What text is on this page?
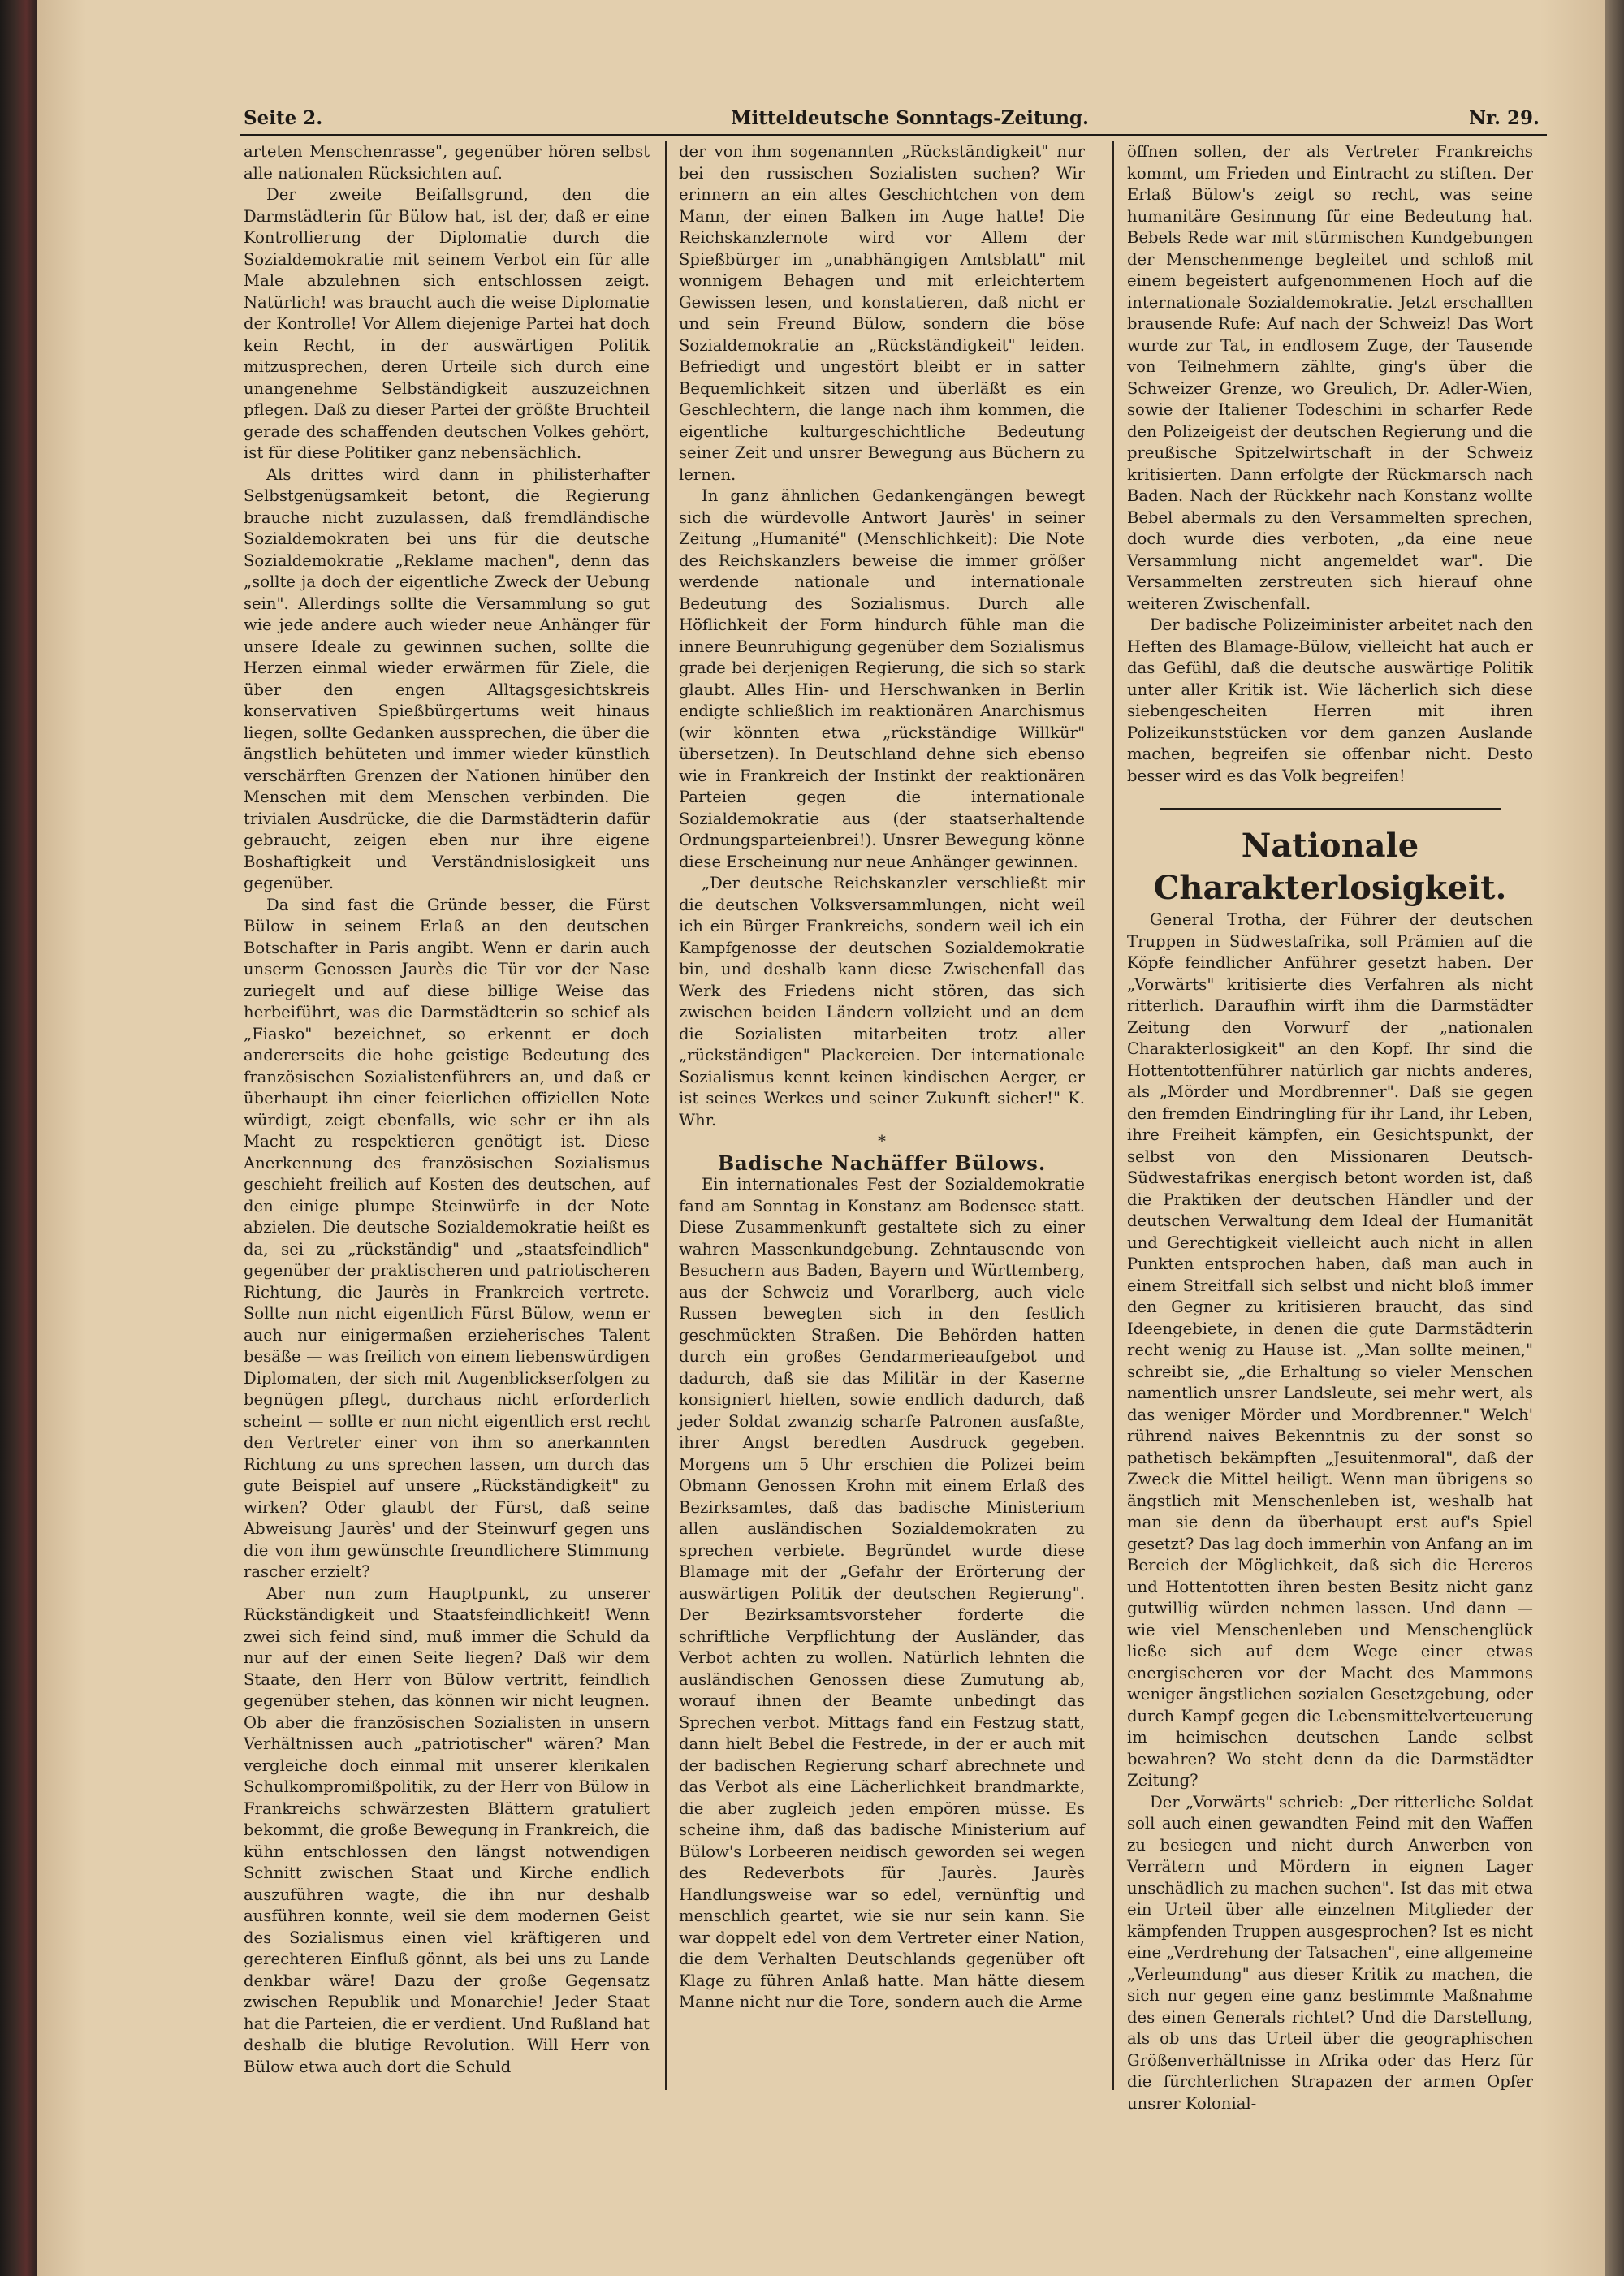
Seite 2.	Mitteldeutsche Sonntags-Zeitung.	Nr. 29.

arteten Menschenrasse", gegenüber hören selbst alle nationalen Rücksichten auf.

Der zweite Beifallsgrund, den die Darmstädterin für Bülow hat, ist der, daß er eine Kontrollierung der Diplomatie durch die Sozialdemokratie mit seinem Verbot ein für alle Male abzulehnen sich entschlossen zeigt. Natürlich! was braucht auch die weise Diplomatie der Kontrolle! Vor Allem diejenige Partei hat doch kein Recht, in der auswärtigen Politik mitzusprechen, deren Urteile sich durch eine unangenehme Selbständigkeit auszuzeichnen pflegen. Daß zu dieser Partei der größte Bruchteil gerade des schaffenden deutschen Volkes gehört, ist für diese Politiker ganz nebensächlich.

Als drittes wird dann in philisterhafter Selbstgenügsamkeit betont, die Regierung brauche nicht zuzulassen, daß fremdländische Sozialdemokraten bei uns für die deutsche Sozialdemokratie „Reklame machen", denn das „sollte ja doch der eigentliche Zweck der Uebung sein". Allerdings sollte die Versammlung so gut wie jede andere auch wieder neue Anhänger für unsere Ideale zu gewinnen suchen, sollte die Herzen einmal wieder erwärmen für Ziele, die über den engen Alltagsgesichtskreis konservativen Spießbürgertums weit hinaus liegen, sollte Gedanken aussprechen, die über die ängstlich behüteten und immer wieder künstlich verschärften Grenzen der Nationen hinüber den Menschen mit dem Menschen verbinden. Die trivialen Ausdrücke, die die Darmstädterin dafür gebraucht, zeigen eben nur ihre eigene Boshaftigkeit und Verständnislosigkeit uns gegenüber.

Da sind fast die Gründe besser, die Fürst Bülow in seinem Erlaß an den deutschen Botschafter in Paris angibt. Wenn er darin auch unserm Genossen Jaurès die Tür vor der Nase zuriegelt und auf diese billige Weise das herbeiführt, was die Darmstädterin so schief als „Fiasko" bezeichnet, so erkennt er doch andererseits die hohe geistige Bedeutung des französischen Sozialistenführers an, und daß er überhaupt ihn einer feierlichen offiziellen Note würdigt, zeigt ebenfalls, wie sehr er ihn als Macht zu respektieren genötigt ist. Diese Anerkennung des französischen Sozialismus geschieht freilich auf Kosten des deutschen, auf den einige plumpe Steinwürfe in der Note abzielen. Die deutsche Sozialdemokratie heißt es da, sei zu „rückständig" und „staatsfeindlich" gegenüber der praktischeren und patriotischeren Richtung, die Jaurès in Frankreich vertrete. Sollte nun nicht eigentlich Fürst Bülow, wenn er auch nur einigermaßen erzieherisches Talent besäße — was freilich von einem liebenswürdigen Diplomaten, der sich mit Augenblickserfolgen zu begnügen pflegt, durchaus nicht erforderlich scheint — sollte er nun nicht eigentlich erst recht den Vertreter einer von ihm so anerkannten Richtung zu uns sprechen lassen, um durch das gute Beispiel auf unsere „Rückständigkeit" zu wirken? Oder glaubt der Fürst, daß seine Abweisung Jaurès' und der Steinwurf gegen uns die von ihm gewünschte freundlichere Stimmung rascher erzielt?

Aber nun zum Hauptpunkt, zu unserer Rückständigkeit und Staatsfeindlichkeit! Wenn zwei sich feind sind, muß immer die Schuld da nur auf der einen Seite liegen? Daß wir dem Staate, den Herr von Bülow vertritt, feindlich gegenüber stehen, das können wir nicht leugnen. Ob aber die französischen Sozialisten in unsern Verhältnissen auch „patriotischer" wären? Man vergleiche doch einmal mit unserer klerikalen Schulkompromißpolitik, zu der Herr von Bülow in Frankreichs schwärzesten Blättern gratuliert bekommt, die große Bewegung in Frankreich, die kühn entschlossen den längst notwendigen Schnitt zwischen Staat und Kirche endlich auszuführen wagte, die ihn nur deshalb ausführen konnte, weil sie dem modernen Geist des Sozialismus einen viel kräftigeren und gerechteren Einfluß gönnt, als bei uns zu Lande denkbar wäre! Dazu der große Gegensatz zwischen Republik und Monarchie! Jeder Staat hat die Parteien, die er verdient. Und Rußland hat deshalb die blutige Revolution. Will Herr von Bülow etwa auch dort die Schuld

der von ihm sogenannten „Rückständigkeit" nur bei den russischen Sozialisten suchen? Wir erinnern an ein altes Geschichtchen von dem Mann, der einen Balken im Auge hatte! Die Reichskanzlernote wird vor Allem der Spießbürger im „unabhängigen Amtsblatt" mit wonnigem Behagen und mit erleichtertem Gewissen lesen, und konstatieren, daß nicht er und sein Freund Bülow, sondern die böse Sozialdemokratie an „Rückständigkeit" leiden. Befriedigt und ungestört bleibt er in satter Bequemlichkeit sitzen und überläßt es ein Geschlechtern, die lange nach ihm kommen, die eigentliche kulturgeschichtliche Bedeutung seiner Zeit und unsrer Bewegung aus Büchern zu lernen.

In ganz ähnlichen Gedankengängen bewegt sich die würdevolle Antwort Jaurès' in seiner Zeitung „Humanité" (Menschlichkeit): Die Note des Reichskanzlers beweise die immer größer werdende nationale und internationale Bedeutung des Sozialismus. Durch alle Höflichkeit der Form hindurch fühle man die innere Beunruhigung gegenüber dem Sozialismus grade bei derjenigen Regierung, die sich so stark glaubt. Alles Hin- und Herschwanken in Berlin endigte schließlich im reaktionären Anarchismus (wir könnten etwa „rückständige Willkür" übersetzen). In Deutschland dehne sich ebenso wie in Frankreich der Instinkt der reaktionären Parteien gegen die internationale Sozialdemokratie aus (der staatserhaltende Ordnungsparteienbrei!). Unsrer Bewegung könne diese Erscheinung nur neue Anhänger gewinnen.

„Der deutsche Reichskanzler verschließt mir die deutschen Volksversammlungen, nicht weil ich ein Bürger Frankreichs, sondern weil ich ein Kampfgenosse der deutschen Sozialdemokratie bin, und deshalb kann diese Zwischenfall das Werk des Friedens nicht stören, das sich zwischen beiden Ländern vollzieht und an dem die Sozialisten mitarbeiten trotz aller „rückständigen" Plackereien. Der internationale Sozialismus kennt keinen kindischen Aerger, er ist seines Werkes und seiner Zukunft sicher!" K. Whr.

*

Badische Nachäffer Bülows.

Ein internationales Fest der Sozialdemokratie fand am Sonntag in Konstanz am Bodensee statt. Diese Zusammenkunft gestaltete sich zu einer wahren Massenkundgebung. Zehntausende von Besuchern aus Baden, Bayern und Württemberg, aus der Schweiz und Vorarlberg, auch viele Russen bewegten sich in den festlich geschmückten Straßen. Die Behörden hatten durch ein großes Gendarmerieaufgebot und dadurch, daß sie das Militär in der Kaserne konsigniert hielten, sowie endlich dadurch, daß jeder Soldat zwanzig scharfe Patronen ausfaßte, ihrer Angst beredten Ausdruck gegeben. Morgens um 5 Uhr erschien die Polizei beim Obmann Genossen Krohn mit einem Erlaß des Bezirksamtes, daß das badische Ministerium allen ausländischen Sozialdemokraten zu sprechen verbiete. Begründet wurde diese Blamage mit der „Gefahr der Erörterung der auswärtigen Politik der deutschen Regierung". Der Bezirksamtsvorsteher forderte die schriftliche Verpflichtung der Ausländer, das Verbot achten zu wollen. Natürlich lehnten die ausländischen Genossen diese Zumutung ab, worauf ihnen der Beamte unbedingt das Sprechen verbot. Mittags fand ein Festzug statt, dann hielt Bebel die Festrede, in der er auch mit der badischen Regierung scharf abrechnete und das Verbot als eine Lächerlichkeit brandmarkte, die aber zugleich jeden empören müsse. Es scheine ihm, daß das badische Ministerium auf Bülow's Lorbeeren neidisch geworden sei wegen des Redeverbots für Jaurès. Jaurès Handlungsweise war so edel, vernünftig und menschlich geartet, wie sie nur sein kann. Sie war doppelt edel von dem Vertreter einer Nation, die dem Verhalten Deutschlands gegenüber oft Klage zu führen Anlaß hatte. Man hätte diesem Manne nicht nur die Tore, sondern auch die Arme

öffnen sollen, der als Vertreter Frankreichs kommt, um Frieden und Eintracht zu stiften. Der Erlaß Bülow's zeigt so recht, was seine humanitäre Gesinnung für eine Bedeutung hat. Bebels Rede war mit stürmischen Kundgebungen der Menschenmenge begleitet und schloß mit einem begeistert aufgenommenen Hoch auf die internationale Sozialdemokratie. Jetzt erschallten brausende Rufe: Auf nach der Schweiz! Das Wort wurde zur Tat, in endlosem Zuge, der Tausende von Teilnehmern zählte, ging's über die Schweizer Grenze, wo Greulich, Dr. Adler-Wien, sowie der Italiener Todeschini in scharfer Rede den Polizeigeist der deutschen Regierung und die preußische Spitzelwirtschaft in der Schweiz kritisierten. Dann erfolgte der Rückmarsch nach Baden. Nach der Rückkehr nach Konstanz wollte Bebel abermals zu den Versammelten sprechen, doch wurde dies verboten, „da eine neue Versammlung nicht angemeldet war". Die Versammelten zerstreuten sich hierauf ohne weiteren Zwischenfall.

Der badische Polizeiminister arbeitet nach den Heften des Blamage-Bülow, vielleicht hat auch er das Gefühl, daß die deutsche auswärtige Politik unter aller Kritik ist. Wie lächerlich sich diese siebengescheiten Herren mit ihren Polizeikunststücken vor dem ganzen Auslande machen, begreifen sie offenbar nicht. Desto besser wird es das Volk begreifen!

Nationale Charakterlosigkeit.

General Trotha, der Führer der deutschen Truppen in Südwestafrika, soll Prämien auf die Köpfe feindlicher Anführer gesetzt haben. Der „Vorwärts" kritisierte dies Verfahren als nicht ritterlich. Daraufhin wirft ihm die Darmstädter Zeitung den Vorwurf der „nationalen Charakterlosigkeit" an den Kopf. Ihr sind die Hottentottenführer natürlich gar nichts anderes, als „Mörder und Mordbrenner". Daß sie gegen den fremden Eindringling für ihr Land, ihr Leben, ihre Freiheit kämpfen, ein Gesichtspunkt, der selbst von den Missionaren Deutsch-Südwestafrikas energisch betont worden ist, daß die Praktiken der deutschen Händler und der deutschen Verwaltung dem Ideal der Humanität und Gerechtigkeit vielleicht auch nicht in allen Punkten entsprochen haben, daß man auch in einem Streitfall sich selbst und nicht bloß immer den Gegner zu kritisieren braucht, das sind Ideengebiete, in denen die gute Darmstädterin recht wenig zu Hause ist. „Man sollte meinen," schreibt sie, „die Erhaltung so vieler Menschen namentlich unsrer Landsleute, sei mehr wert, als das weniger Mörder und Mordbrenner." Welch' rührend naives Bekenntnis zu der sonst so pathetisch bekämpften „Jesuitenmoral", daß der Zweck die Mittel heiligt. Wenn man übrigens so ängstlich mit Menschenleben ist, weshalb hat man sie denn da überhaupt erst auf's Spiel gesetzt? Das lag doch immerhin von Anfang an im Bereich der Möglichkeit, daß sich die Hereros und Hottentotten ihren besten Besitz nicht ganz gutwillig würden nehmen lassen. Und dann — wie viel Menschenleben und Menschenglück ließe sich auf dem Wege einer etwas energischeren vor der Macht des Mammons weniger ängstlichen sozialen Gesetzgebung, oder durch Kampf gegen die Lebensmittelverteuerung im heimischen deutschen Lande selbst bewahren? Wo steht denn da die Darmstädter Zeitung?

Der „Vorwärts" schrieb: „Der ritterliche Soldat soll auch einen gewandten Feind mit den Waffen zu besiegen und nicht durch Anwerben von Verrätern und Mördern in eignen Lager unschädlich zu machen suchen". Ist das mit etwa ein Urteil über alle einzelnen Mitglieder der kämpfenden Truppen ausgesprochen? Ist es nicht eine „Verdrehung der Tatsachen", eine allgemeine „Verleumdung" aus dieser Kritik zu machen, die sich nur gegen eine ganz bestimmte Maßnahme des einen Generals richtet? Und die Darstellung, als ob uns das Urteil über die geographischen Größenverhältnisse in Afrika oder das Herz für die fürchterlichen Strapazen der armen Opfer unsrer Kolonial-
